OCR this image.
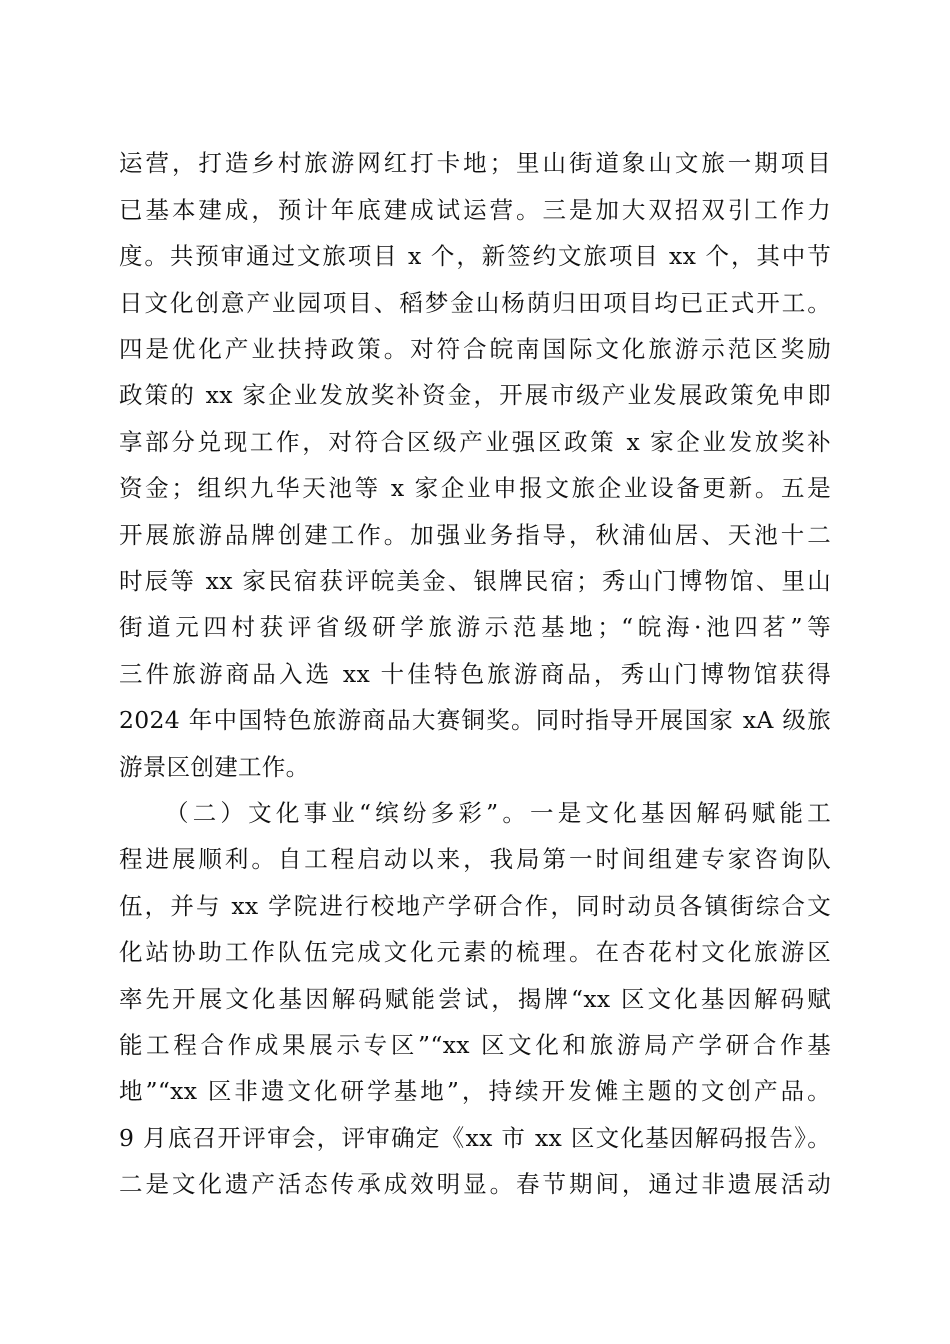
运营，打造乡村旅游网红打卡地；里山街道象山文旅一期项目
已基本建成，预计年底建成试运营。三是加大双招双引工作力
度。共预审通过文旅项目 x 个，新签约文旅项目 xx 个，其中节
日文化创意产业园项目、稻梦金山杨荫归田项目均已正式开工。
四是优化产业扶持政策。对符合皖南国际文化旅游示范区奖励
政策的 xx 家企业发放奖补资金，开展市级产业发展政策免申即
享部分兑现工作，对符合区级产业强区政策 x 家企业发放奖补
资金；组织九华天池等 x 家企业申报文旅企业设备更新。五是
开展旅游品牌创建工作。加强业务指导，秋浦仙居、天池十二
时辰等 xx 家民宿获评皖美金、银牌民宿；秀山门博物馆、里山
街道元四村获评省级研学旅游示范基地；“皖海·池四茗”等
三件旅游商品入选 xx 十佳特色旅游商品，秀山门博物馆获得
2024 年中国特色旅游商品大赛铜奖。同时指导开展国家 xA 级旅
游景区创建工作。
（二）文化事业“缤纷多彩”。一是文化基因解码赋能工
程进展顺利。自工程启动以来，我局第一时间组建专家咨询队
伍，并与 xx 学院进行校地产学研合作，同时动员各镇街综合文
化站协助工作队伍完成文化元素的梳理。在杏花村文化旅游区
率先开展文化基因解码赋能尝试，揭牌“xx 区文化基因解码赋
能工程合作成果展示专区”“xx 区文化和旅游局产学研合作基
地”“xx 区非遗文化研学基地”，持续开发傩主题的文创产品。
9 月底召开评审会，评审确定《xx 市 xx 区文化基因解码报告》。
二是文化遗产活态传承成效明显。春节期间，通过非遗展活动
